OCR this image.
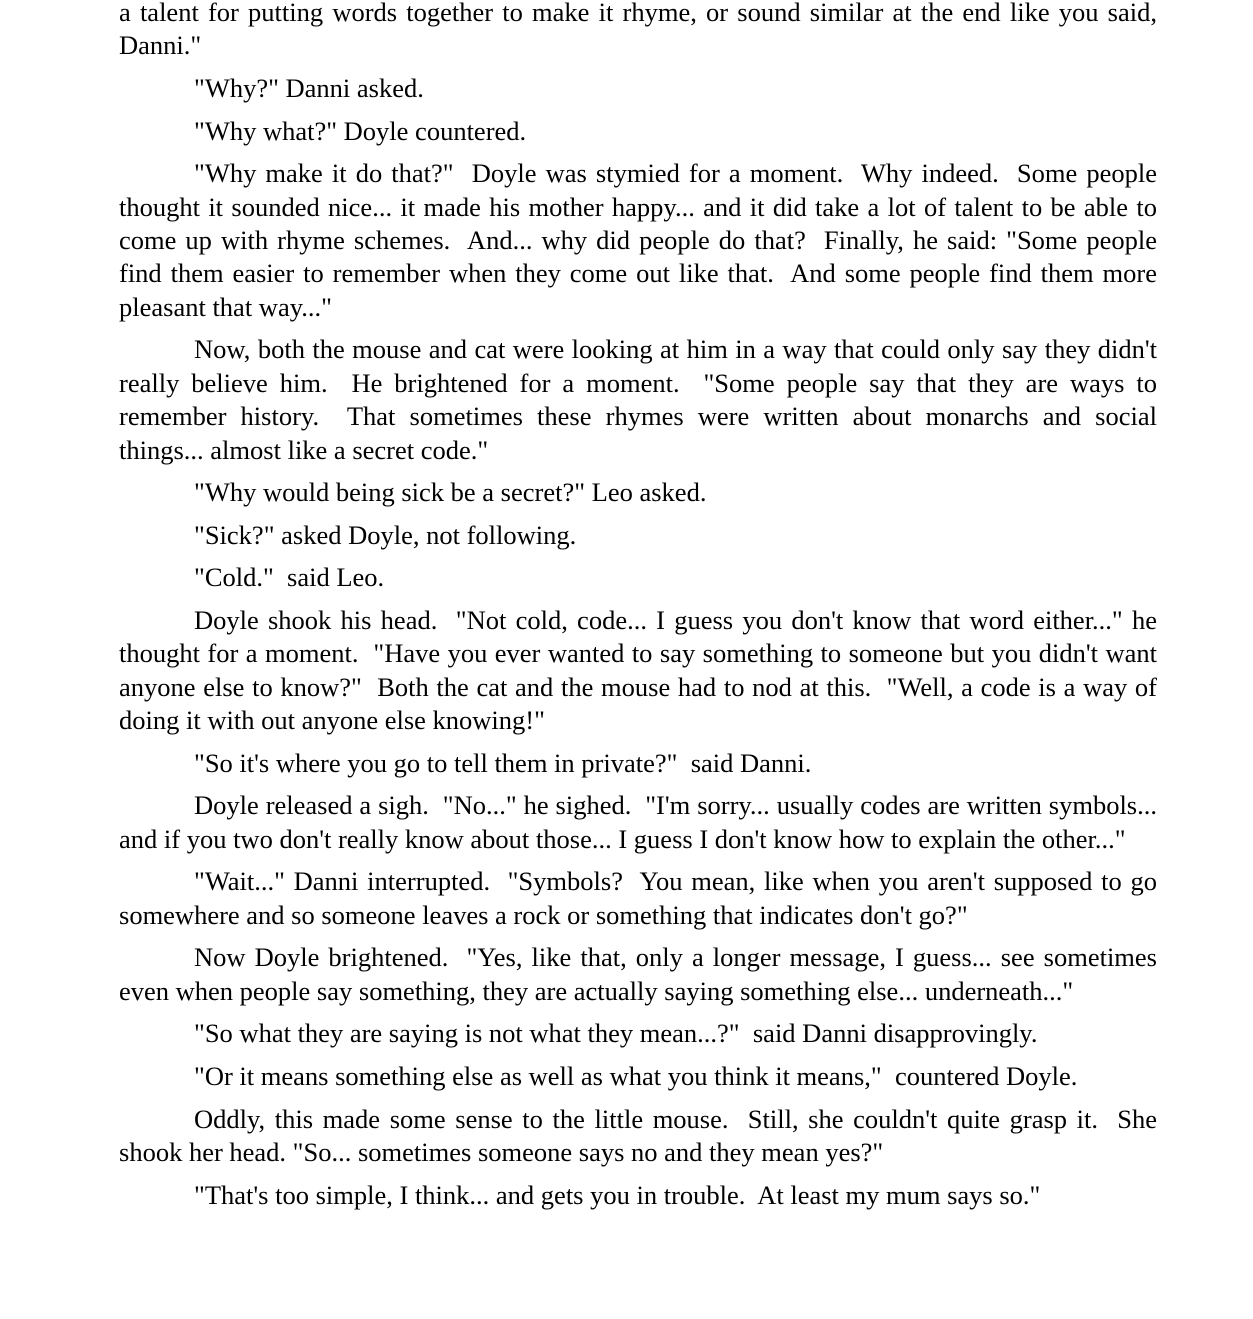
a talent for putting words together to make it rhyme, or sound similar at the end like you said, Danni."

"Why?" Danni asked.

"Why what?" Doyle countered.

"Why make it do that?"  Doyle was stymied for a moment.  Why indeed.  Some people thought it sounded nice... it made his mother happy... and it did take a lot of talent to be able to come up with rhyme schemes.  And... why did people do that?  Finally, he said: "Some people find them easier to remember when they come out like that.  And some people find them more pleasant that way..."

Now, both the mouse and cat were looking at him in a way that could only say they didn't really believe him.  He brightened for a moment.  "Some people say that they are ways to remember history.  That sometimes these rhymes were written about monarchs and social things... almost like a secret code."

"Why would being sick be a secret?" Leo asked.

"Sick?" asked Doyle, not following.

"Cold."  said Leo.

Doyle shook his head.  "Not cold, code... I guess you don't know that word either..." he thought for a moment.  "Have you ever wanted to say something to someone but you didn't want anyone else to know?"  Both the cat and the mouse had to nod at this.  "Well, a code is a way of doing it with out anyone else knowing!"

"So it's where you go to tell them in private?"  said Danni.

Doyle released a sigh.  "No..." he sighed.  "I'm sorry... usually codes are written symbols... and if you two don't really know about those... I guess I don't know how to explain the other..."

"Wait..." Danni interrupted.  "Symbols?  You mean, like when you aren't supposed to go somewhere and so someone leaves a rock or something that indicates don't go?"

Now Doyle brightened.  "Yes, like that, only a longer message, I guess... see sometimes even when people say something, they are actually saying something else... underneath..."

"So what they are saying is not what they mean...?"  said Danni disapprovingly.

"Or it means something else as well as what you think it means,"  countered Doyle.

Oddly, this made some sense to the little mouse.  Still, she couldn't quite grasp it.  She shook her head. "So... sometimes someone says no and they mean yes?"

"That's too simple, I think... and gets you in trouble.  At least my mum says so."
